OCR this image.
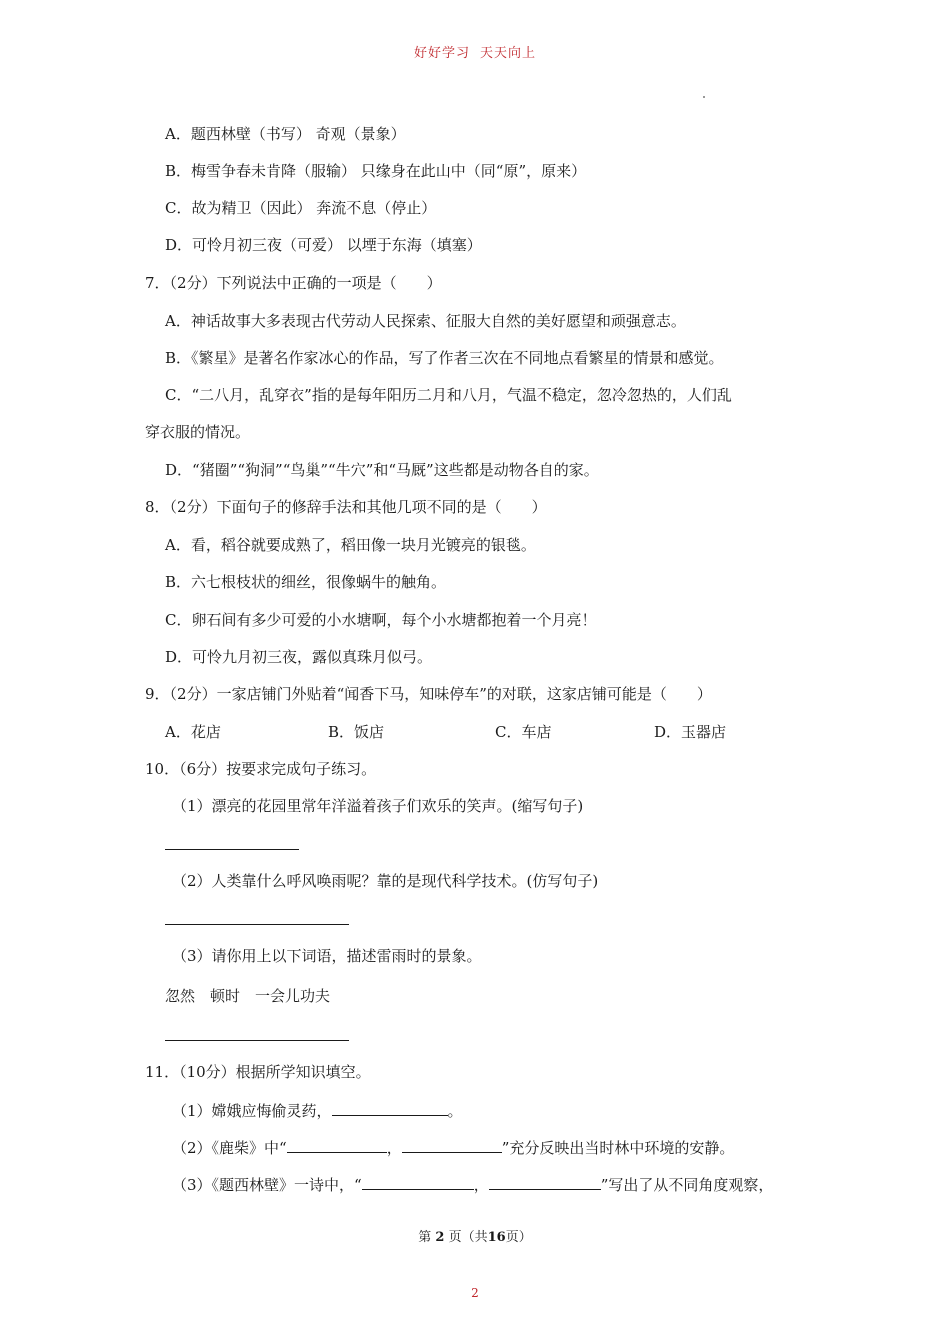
好好学习 天天向上
A．题西林壁（书写） 奇观（景象）
B．梅雪争春未肯降（服输） 只缘身在此山中（同“原”，原来）
C．故为精卫（因此） 奔流不息（停止）
D．可怜月初三夜（可爱） 以堙于东海（填塞）
7．（2分）下列说法中正确的一项是（　　）
A．神话故事大多表现古代劳动人民探索、征服大自然的美好愿望和顽强意志。
B．《繁星》是著名作家冰心的作品，写了作者三次在不同地点看繁星的情景和感觉。
C．“二八月，乱穿衣”指的是每年阳历二月和八月，气温不稳定，忽冷忽热的，人们乱
穿衣服的情况。
D．“猪圈”“狗洞”“鸟巢”“牛穴”和“马厩”这些都是动物各自的家。
8．（2分）下面句子的修辞手法和其他几项不同的是（　　）
A．看，稻谷就要成熟了，稻田像一块月光镀亮的银毯。
B．六七根枝状的细丝，很像蜗牛的触角。
C．卵石间有多少可爱的小水塘啊，每个小水塘都抱着一个月亮！
D．可怜九月初三夜，露似真珠月似弓。
9．（2分）一家店铺门外贴着“闻香下马，知味停车”的对联，这家店铺可能是（　　）
A．花店	B．饭店	C．车店	D．玉器店
10．（6分）按要求完成句子练习。
（1）漂亮的花园里常年洋溢着孩子们欢乐的笑声。(缩写句子)
（2）人类靠什么呼风唤雨呢？靠的是现代科学技术。(仿写句子)
（3）请你用上以下词语，描述雷雨时的景象。
忽然　顿时　一会儿功夫
11．（10分）根据所学知识填空。
（1）嫦娥应悔偷灵药，	。
（2）《鹿柴》中“	，	”充分反映出当时林中环境的安静。
（3）《题西林壁》一诗中，“	，	”写出了从不同角度观察，
第 2 页（共16页）
2
